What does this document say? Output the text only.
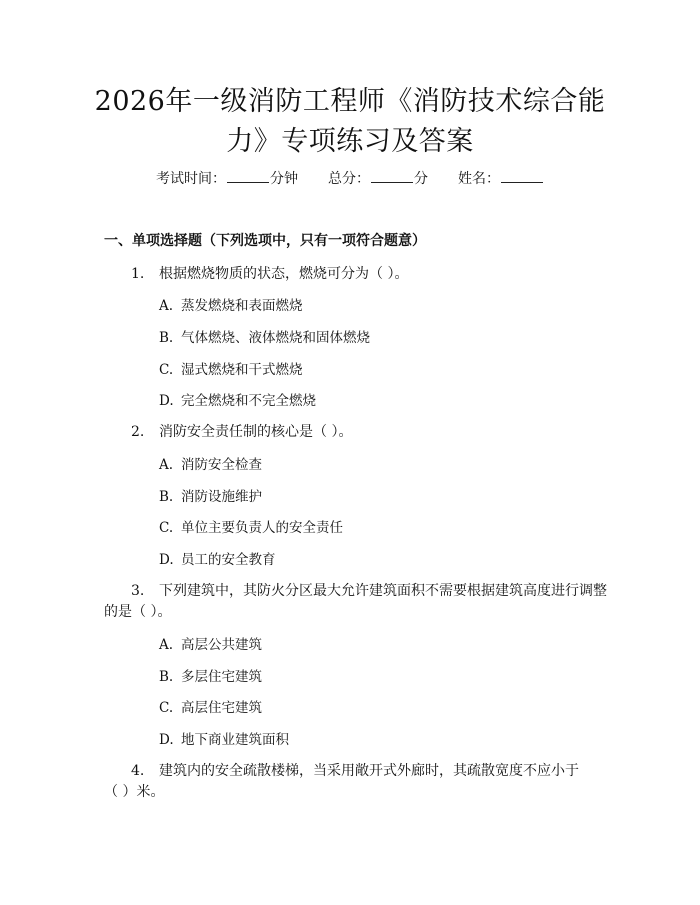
2026年一级消防工程师《消防技术综合能
力》专项练习及答案
考试时间：	分钟 总分：	分 姓名：
一、单项选择题（下列选项中，只有一项符合题意）
1. 根据燃烧物质的状态，燃烧可分为（ ）。
A. 蒸发燃烧和表面燃烧
B. 气体燃烧、液体燃烧和固体燃烧
C. 湿式燃烧和干式燃烧
D. 完全燃烧和不完全燃烧
2. 消防安全责任制的核心是（ ）。
A. 消防安全检查
B. 消防设施维护
C. 单位主要负责人的安全责任
D. 员工的安全教育
3. 下列建筑中，其防火分区最大允许建筑面积不需要根据建筑高度进行调整
的是（ ）。
A. 高层公共建筑
B. 多层住宅建筑
C. 高层住宅建筑
D. 地下商业建筑面积
4. 建筑内的安全疏散楼梯，当采用敞开式外廊时，其疏散宽度不应小于
（ ）米。
